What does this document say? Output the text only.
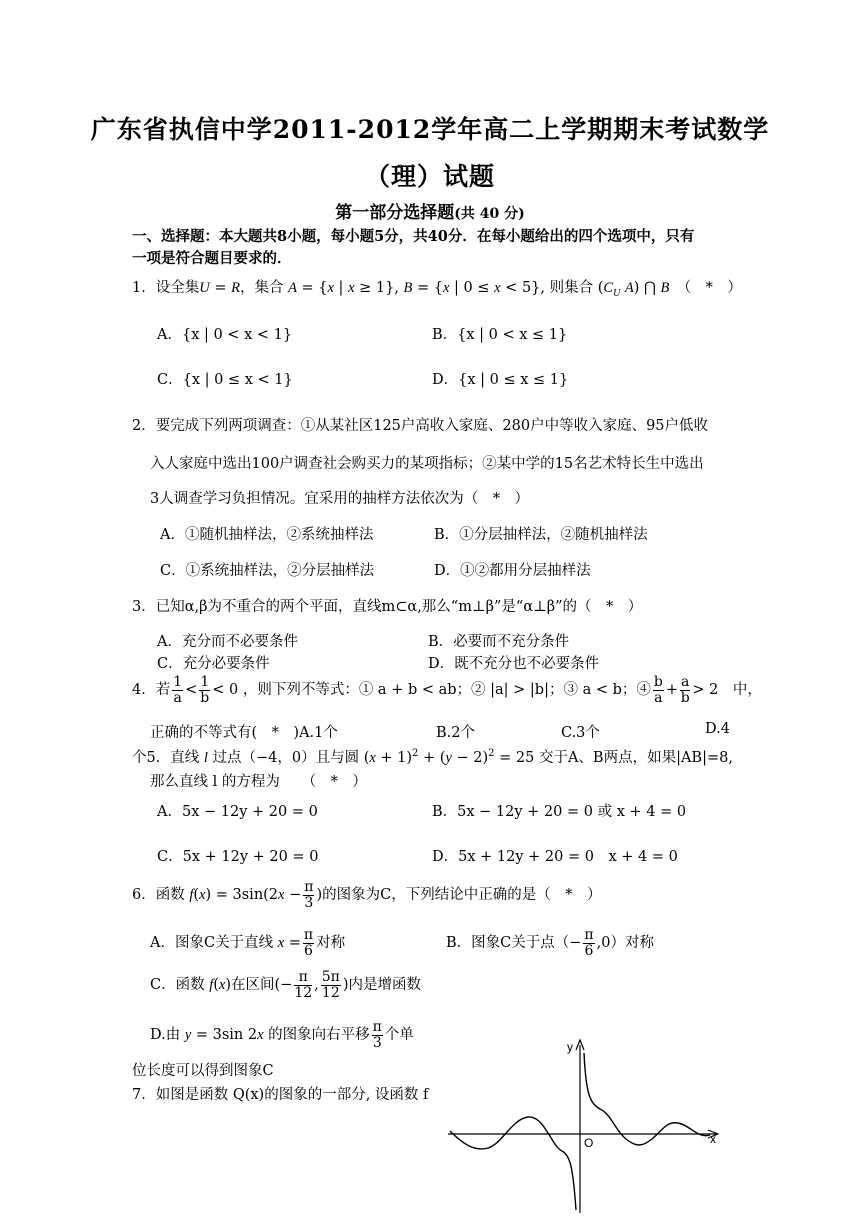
广东省执信中学2011-2012学年高二上学期期末考试数学
（理）试题
第一部分选择题(共 40 分)
一、选择题：本大题共8小题，每小题5分，共40分．在每小题给出的四个选项中，只有
一项是符合题目要求的．
1．设全集U = R，集合 A = {x | x ≥ 1}, B = {x | 0 ≤ x < 5}, 则集合 ($C_U$ A) ⋂ B　（　*　）
A．{x | 0 < x < 1}	B．{x | 0 < x ≤ 1}
C．{x | 0 ≤ x < 1}	D．{x | 0 ≤ x ≤ 1}
2．要完成下列两项调查：①从某社区125户高收入家庭、280户中等收入家庭、95户低收
入人家庭中选出100户调查社会购买力的某项指标；②某中学的15名艺术特长生中选出
3人调查学习负担情况。宜采用的抽样方法依次为（　*　）
A．①随机抽样法，②系统抽样法	B．①分层抽样法，②随机抽样法
C．①系统抽样法，②分层抽样法	D．①②都用分层抽样法
3．已知α,β为不重合的两个平面，直线m⊂α,那么“m⊥β”是“α⊥β”的（　*　）
A．充分而不必要条件	B．必要而不充分条件
C．充分必要条件	D．既不充分也不必要条件
4．若 $\frac{1}{a} < \frac{1}{b} < 0$ ，则下列不等式：① a + b < ab；② |a| > |b|；③ a < b；④ $\frac{b}{a} + \frac{a}{b} > 2$　中，
正确的不等式有(　*　)A.1个	B.2个	C.3个	D.4
个5．直线 l 过点（−4，0）且与圆 $(x + 1)^2 + (y - 2)^2 = 25$ 交于A、B两点，如果|AB|=8,
那么直线 l 的方程为　　（　*　）
A．5x − 12y + 20 = 0	B．5x − 12y + 20 = 0 或 x + 4 = 0
C．5x + 12y + 20 = 0	D．5x + 12y + 20 = 0　x + 4 = 0
6．函数 $f(x) = 3\sin(2x - \frac{\pi}{3}$ )的图象为C，下列结论中正确的是（　*　）
A．图象C关于直线 $x = \frac{\pi}{6}$ 对称	B．图象C关于点（− $\frac{\pi}{6} ,0$）对称
C．函数 f(x)在区间(− $\frac{\pi}{12}$ , $\frac{5\pi}{12}$ )内是增函数
D.由 y = 3sin 2x 的图象向右平移 $\frac{\pi}{3}$ 个单
位长度可以得到图象C
7．如图是函数 Q(x)的图象的一部分, 设函数 f
y
x
O
